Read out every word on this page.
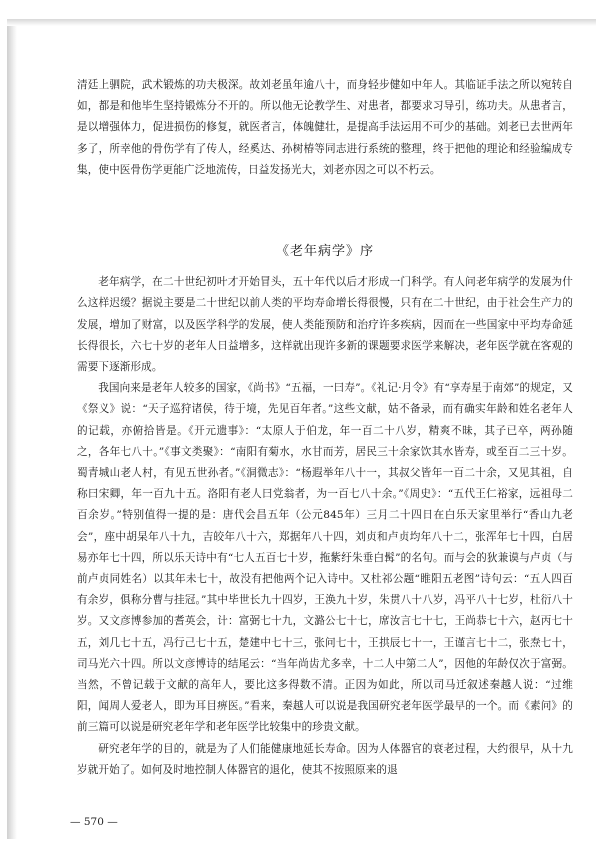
清廷上驷院，武术锻炼的功夫极深。故刘老虽年逾八十，而身轻步健如中年人。其临证手法之所以宛转自如，都是和他毕生坚持锻炼分不开的。所以他无论教学生、对患者，都要求习导引，练功夫。从患者言，是以增强体力，促进损伤的修复，就医者言，体魄健壮，是提高手法运用不可少的基础。刘老已去世两年多了，所幸他的骨伤学有了传人，经奚达、孙树椿等同志进行系统的整理，终于把他的理论和经验编成专集，使中医骨伤学更能广泛地流传，日益发扬光大，刘老亦因之可以不朽云。

《老年病学》序

老年病学，在二十世纪初叶才开始冒头，五十年代以后才形成一门科学。有人问老年病学的发展为什么这样迟缓？据说主要是二十世纪以前人类的平均寿命增长得很慢，只有在二十世纪，由于社会生产力的发展，增加了财富，以及医学科学的发展，使人类能预防和治疗许多疾病，因而在一些国家中平均寿命延长得很长，六七十岁的老年人日益增多，这样就出现许多新的课题要求医学来解决，老年医学就在客观的需要下逐渐形成。

我国向来是老年人较多的国家，《尚书》“五福，一曰寿”。《礼记·月令》有“享寿星于南郊”的规定，又《祭义》说：“天子巡狩诸侯，待于境，先见百年者。”这些文献，姑不备录，而有确实年龄和姓名老年人的记载，亦俯拾皆是。《开元遗事》：“太原人于伯龙，年一百二十八岁，精爽不昧，其子已卒，两孙随之，各年七八十。”《事文类聚》：“南阳有菊水，水甘而芳，居民三十余家饮其水皆寿，或至百二三十岁。蜀青城山老人村，有见五世孙者。”《洞微志》：“杨遐举年八十一，其叔父皆年一百二十余，又见其祖，自称曰宋卿，年一百九十五。洛阳有老人曰党翁者，为一百七八十余。”《周史》：“五代王仁裕家，远祖母二百余岁。”特别值得一提的是：唐代会昌五年（公元845年）三月二十四日在白乐天家里举行“香山九老会”，座中胡杲年八十九，吉皎年八十六，郑据年八十四，刘贞和卢贞均年八十二，张浑年七十四，白居易亦年七十四，所以乐天诗中有“七人五百七十岁，拖紫纡朱垂白髯”的名句。而与会的狄兼谟与卢贞（与前卢贞同姓名）以其年未七十，故没有把他两个记入诗中。又杜祁公题“睢阳五老图”诗句云：“五人四百有余岁，俱称分曹与挂冠。”其中毕世长九十四岁，王涣九十岁，朱贯八十八岁，冯平八十七岁，杜衍八十岁。又文彦博参加的耆英会，计：富弼七十九，文潞公七十七，席汝言七十七，王尚恭七十六，赵丙七十五，刘几七十五，冯行己七十五，楚建中七十三，张问七十，王拱辰七十一，王谨言七十二，张焘七十，司马光六十四。所以文彦博诗的结尾云：“当年尚齿尤多幸，十二人中第二人”，因他的年龄仅次于富弼。当然，不曾记载于文献的高年人，要比这多得数不清。正因为如此，所以司马迁叙述秦越人说：“过维阳，闻周人爱老人，即为耳目痹医。”看来，秦越人可以说是我国研究老年医学最早的一个。而《素问》的前三篇可以说是研究老年学和老年医学比较集中的珍贵文献。

研究老年学的目的，就是为了人们能健康地延长寿命。因为人体器官的衰老过程，大约很早，从十九岁就开始了。如何及时地控制人体器官的退化，使其不按照原来的退

— 570 —
